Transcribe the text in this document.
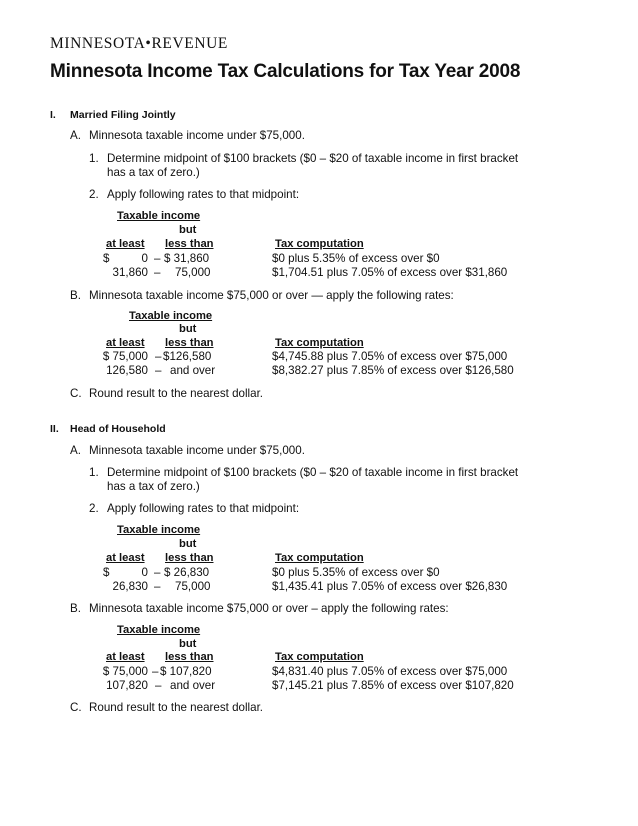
MINNESOTA•REVENUE
Minnesota Income Tax Calculations for Tax Year 2008
I. Married Filing Jointly
A. Minnesota taxable income under $75,000.
1. Determine midpoint of $100 brackets ($0 – $20 of taxable income in first bracket
has a tax of zero.)
2. Apply following rates to that midpoint:
Taxable income
but
at least less than	Tax computation
$	0 – $ 31,860	$0 plus 5.35% of excess over $0
31,860 – 75,000	$1,704.51 plus 7.05% of excess over $31,860
B. Minnesota taxable income $75,000 or over — apply the following rates:
Taxable income
but
at least less than	Tax computation
$ 75,000 – $126,580	$4,745.88 plus 7.05% of excess over $75,000
126,580 – and over	$8,382.27 plus 7.85% of excess over $126,580
C. Round result to the nearest dollar.
II. Head of Household
A. Minnesota taxable income under $75,000.
1. Determine midpoint of $100 brackets ($0 – $20 of taxable income in first bracket
has a tax of zero.)
2. Apply following rates to that midpoint:
Taxable income
but
at least less than	Tax computation
$	0 – $ 26,830	$0 plus 5.35% of excess over $0
26,830 – 75,000	$1,435.41 plus 7.05% of excess over $26,830
B. Minnesota taxable income $75,000 or over – apply the following rates:
Taxable income
but
at least less than	Tax computation
$ 75,000 – $ 107,820	$4,831.40 plus 7.05% of excess over $75,000
107,820 – and over	$7,145.21 plus 7.85% of excess over $107,820
C. Round result to the nearest dollar.
